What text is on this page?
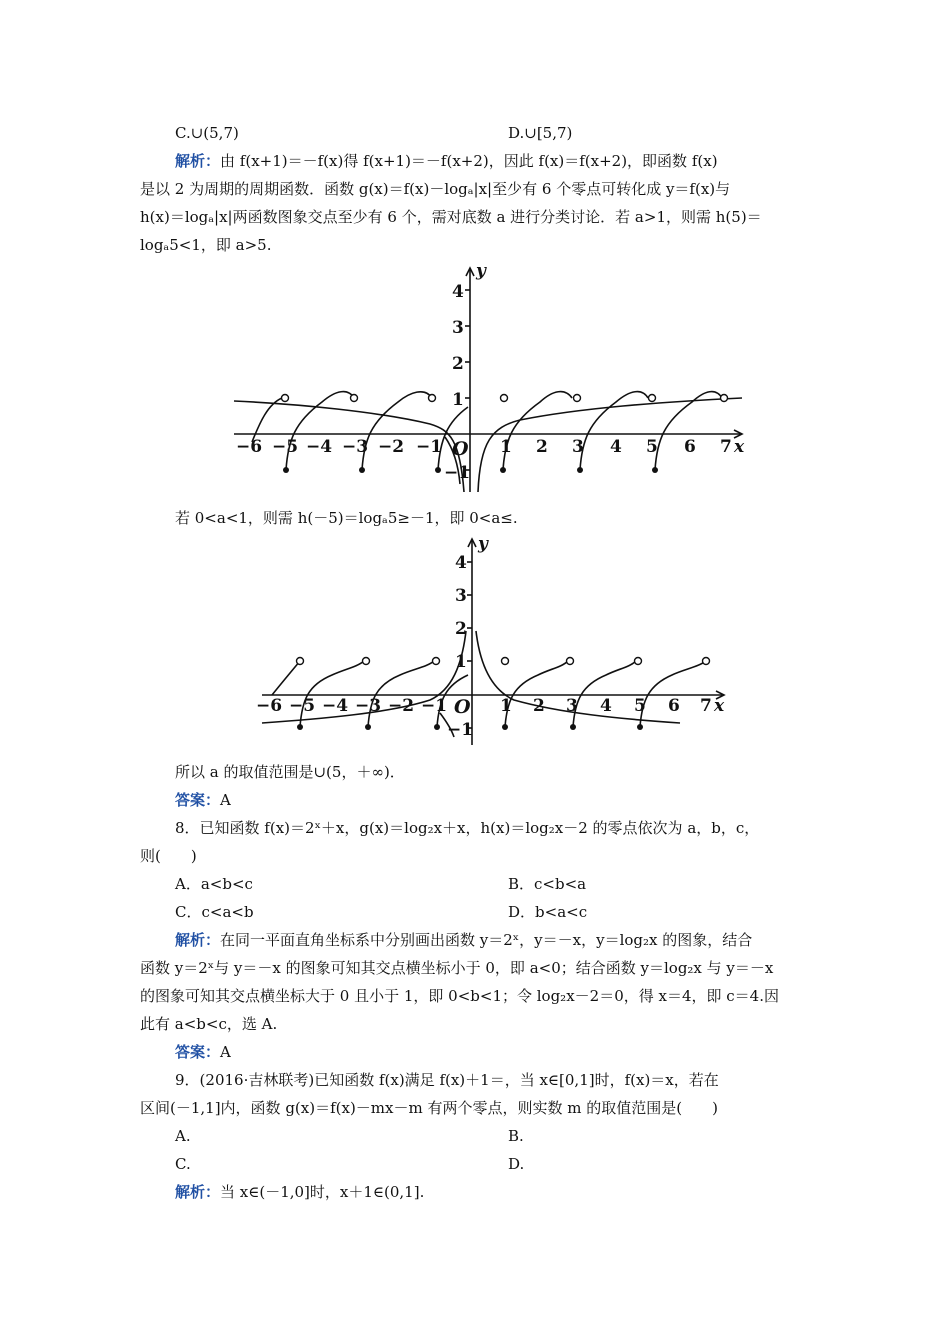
C.∪(5,7)	D.∪[5,7)
解析：由 f(x+1)＝－f(x)得 f(x+1)＝－f(x+2)，因此 f(x)＝f(x+2)，即函数 f(x)
是以 2 为周期的周期函数．函数 g(x)＝f(x)－logₐ|x|至少有 6 个零点可转化成 y＝f(x)与
h(x)＝logₐ|x|两函数图象交点至少有 6 个，需对底数 a 进行分类讨论．若 a>1，则需 h(5)＝
logₐ5<1，即 a>5.
y
x
O
4
3
2
1
−1
−6 −5 −4 −3 −2 −1	1 2 3 4 5 6 7
若 0<a<1，则需 h(－5)＝logₐ5≥－1，即 0<a≤.
y
x
O
4
3
2
1
−1
−6 −5 −4 −3 −2 −1	1 2 3 4 5 6 7
所以 a 的取值范围是∪(5，＋∞)．
答案：A
8．已知函数 f(x)＝2ˣ＋x，g(x)＝log₂x＋x，h(x)＝log₂x－2 的零点依次为 a，b，c，
则(　　)
A．a<b<c	B．c<b<a
C．c<a<b	D．b<a<c
解析：在同一平面直角坐标系中分别画出函数 y＝2ˣ，y＝－x，y＝log₂x 的图象，结合
函数 y＝2ˣ与 y＝－x 的图象可知其交点横坐标小于 0，即 a<0；结合函数 y＝log₂x 与 y＝－x
的图象可知其交点横坐标大于 0 且小于 1，即 0<b<1；令 log₂x－2＝0，得 x＝4，即 c＝4.因
此有 a<b<c，选 A.
答案：A
9．(2016·吉林联考)已知函数 f(x)满足 f(x)＋1＝，当 x∈[0,1]时，f(x)＝x，若在
区间(－1,1]内，函数 g(x)＝f(x)－mx－m 有两个零点，则实数 m 的取值范围是(　　)
A.	B.
C.	D.
解析：当 x∈(－1,0]时，x＋1∈(0,1].
